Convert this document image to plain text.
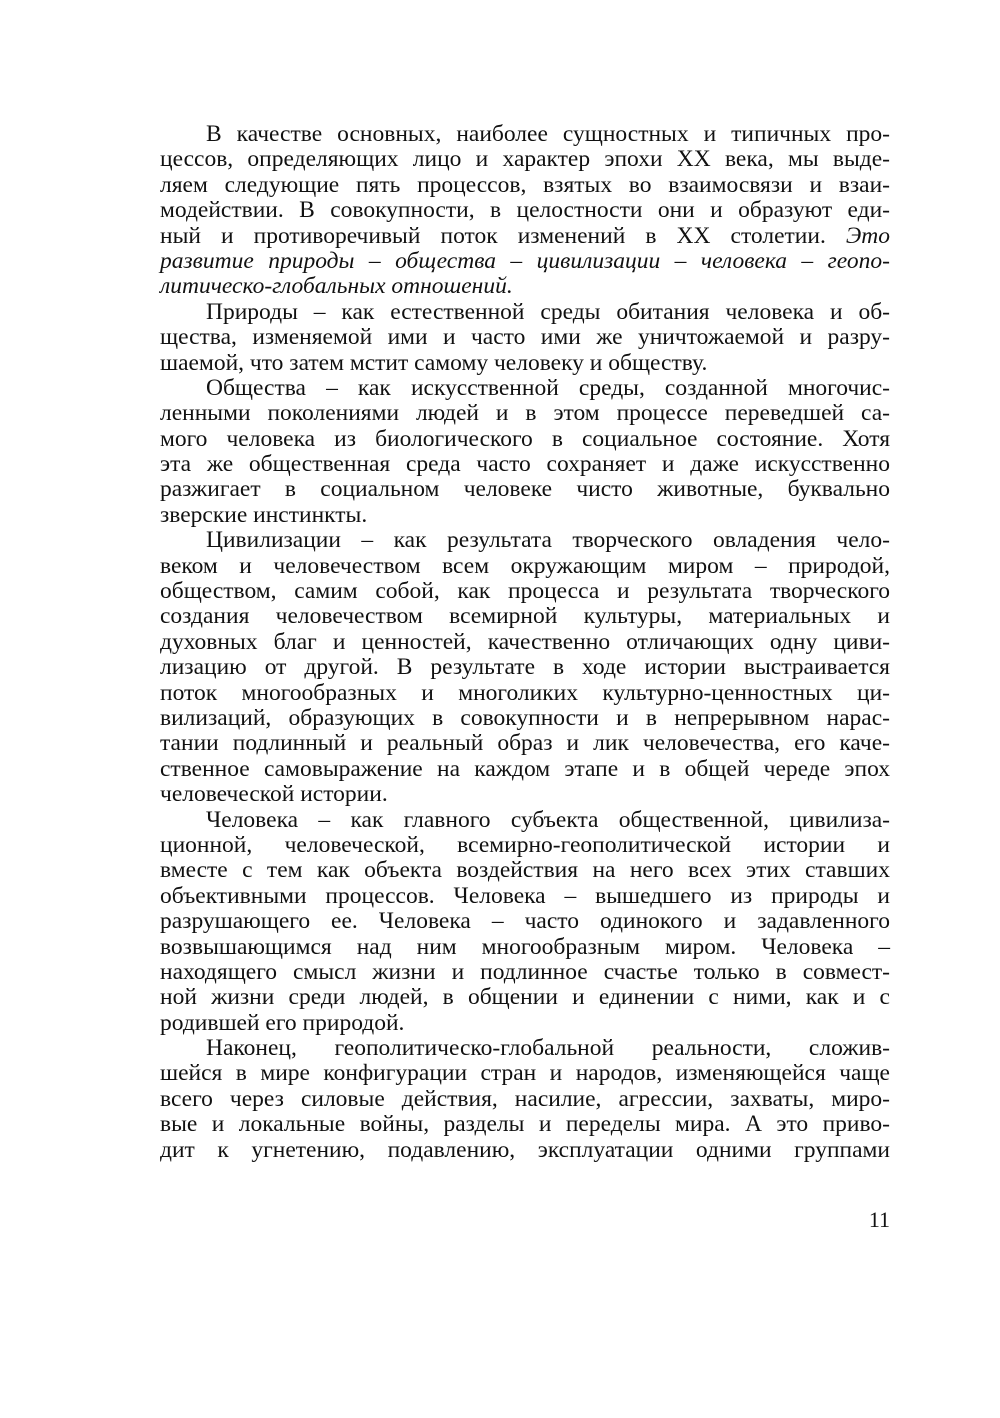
В качестве основных, наиболее сущностных и типичных про-
цессов, определяющих лицо и характер эпохи XX века, мы выде-
ляем следующие пять процессов, взятых во взаимосвязи и взаи-
модействии. В совокупности, в целостности они и образуют еди-
ный и противоречивый поток изменений в XX столетии. Это
развитие природы – общества – цивилизации – человека – геопо-
литическо-глобальных отношений.
Природы – как естественной среды обитания человека и об-
щества, изменяемой ими и часто ими же уничтожаемой и разру-
шаемой, что затем мстит самому человеку и обществу.
Общества – как искусственной среды, созданной многочис-
ленными поколениями людей и в этом процессе переведшей са-
мого человека из биологического в социальное состояние. Хотя
эта же общественная среда часто сохраняет и даже искусственно
разжигает в социальном человеке чисто животные, буквально
зверские инстинкты.
Цивилизации – как результата творческого овладения чело-
веком и человечеством всем окружающим миром – природой,
обществом, самим собой, как процесса и результата творческого
создания человечеством всемирной культуры, материальных и
духовных благ и ценностей, качественно отличающих одну циви-
лизацию от другой. В результате в ходе истории выстраивается
поток многообразных и многоликих культурно-ценностных ци-
вилизаций, образующих в совокупности и в непрерывном нарас-
тании подлинный и реальный образ и лик человечества, его каче-
ственное самовыражение на каждом этапе и в общей череде эпох
человеческой истории.
Человека – как главного субъекта общественной, цивилиза-
ционной, человеческой, всемирно-геополитической истории и
вместе с тем как объекта воздействия на него всех этих ставших
объективными процессов. Человека – вышедшего из природы и
разрушающего ее. Человека – часто одинокого и задавленного
возвышающимся над ним многообразным миром. Человека –
находящего смысл жизни и подлинное счастье только в совмест-
ной жизни среди людей, в общении и единении с ними, как и с
родившей его природой.
Наконец, геополитическо-глобальной реальности, сложив-
шейся в мире конфигурации стран и народов, изменяющейся чаще
всего через силовые действия, насилие, агрессии, захваты, миро-
вые и локальные войны, разделы и переделы мира. А это приво-
дит к угнетению, подавлению, эксплуатации одними группами
11
